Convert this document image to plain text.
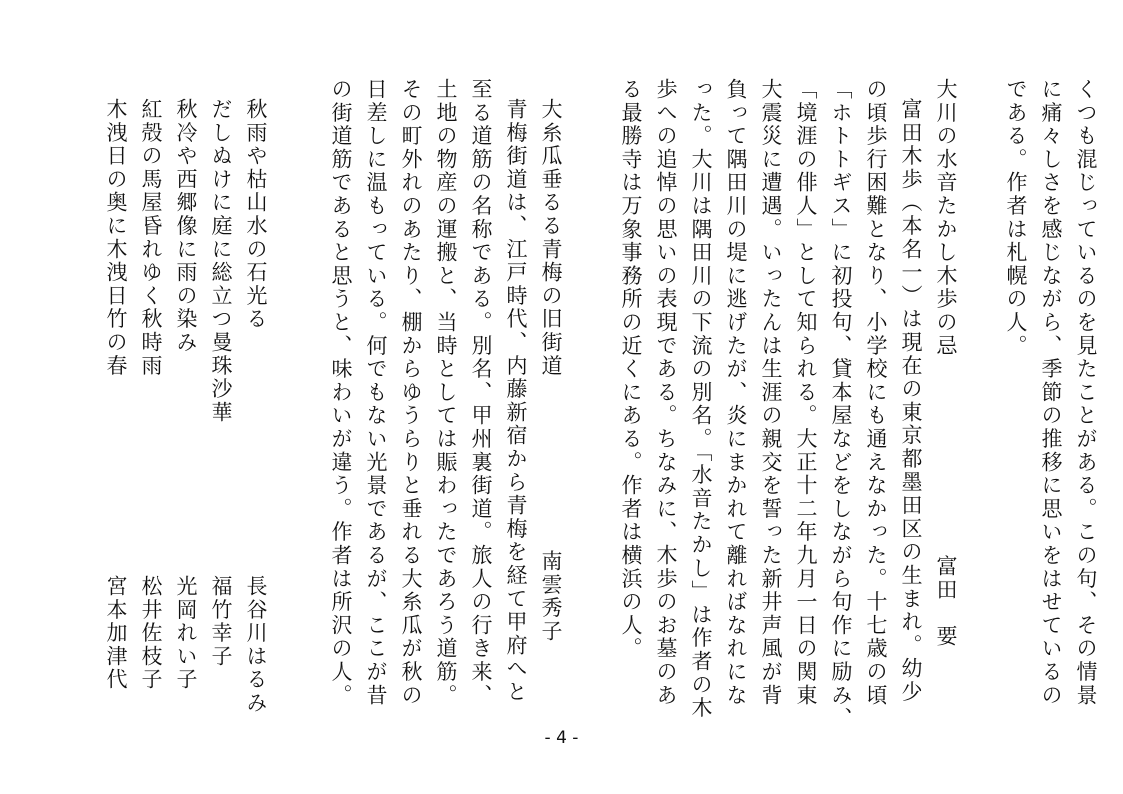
くつも混じっているのを見たことがある。この句、その情景

に痛々しさを感じながら、季節の推移に思いをはせているの

である。作者は札幌の人。

大川の水音たかし木歩の忌

富田　要

富田木歩（本名一）は現在の東京都墨田区の生まれ。幼少

の頃歩行困難となり、小学校にも通えなかった。十七歳の頃

「ホトトギス」に初投句、貸本屋などをしながら句作に励み、

「境涯の俳人」として知られる。大正十二年九月一日の関東

大震災に遭遇。いったんは生涯の親交を誓った新井声風が背

負って隅田川の堤に逃げたが、炎にまかれて離ればなれにな

った。大川は隅田川の下流の別名。「水音たかし」は作者の木

歩への追悼の思いの表現である。ちなみに、木歩のお墓のあ

る最勝寺は万象事務所の近くにある。作者は横浜の人。

大糸瓜垂るる青梅の旧街道

南雲秀子

青梅街道は、江戸時代、内藤新宿から青梅を経て甲府へと

至る道筋の名称である。別名、甲州裏街道。旅人の行き来、

土地の物産の運搬と、当時としては賑わったであろう道筋。

その町外れのあたり、棚からゆうらりと垂れる大糸瓜が秋の

日差しに温もっている。何でもない光景であるが、ここが昔

の街道筋であると思うと、味わいが違う。作者は所沢の人。

秋雨や枯山水の石光る

長谷川はるみ

だしぬけに庭に総立つ曼珠沙華

福竹幸子

秋冷や西郷像に雨の染み

光岡れい子

紅殻の馬屋昏れゆく秋時雨

松井佐枝子

木洩日の奥に木洩日竹の春

宮本加津代
- 4 -
